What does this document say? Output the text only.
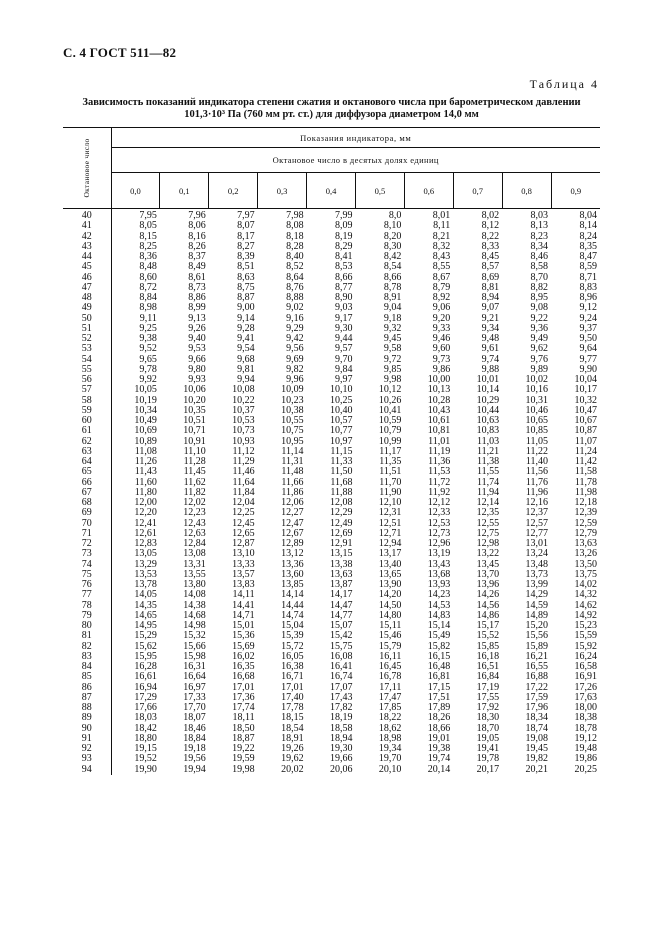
С. 4 ГОСТ 511—82
Таблица 4
Зависимость показаний индикатора степени сжатия и октанового числа при барометрическом давлении
101,3·10³ Па (760 мм рт. ст.) для диффузора диаметром 14,0 мм
Октановое число	Показания индикатора, мм									
	Октановое число в десятых долях единиц									
	0,0	0,1	0,2	0,3	0,4	0,5	0,6	0,7	0,8	0,9
40	7,95	7,96	7,97	7,98	7,99	8,0	8,01	8,02	8,03	8,04
41	8,05	8,06	8,07	8,08	8,09	8,10	8,11	8,12	8,13	8,14
42	8,15	8,16	8,17	8,18	8,19	8,20	8,21	8,22	8,23	8,24
43	8,25	8,26	8,27	8,28	8,29	8,30	8,32	8,33	8,34	8,35
44	8,36	8,37	8,39	8,40	8,41	8,42	8,43	8,45	8,46	8,47
45	8,48	8,49	8,51	8,52	8,53	8,54	8,55	8,57	8,58	8,59
46	8,60	8,61	8,63	8,64	8,66	8,66	8,67	8,69	8,70	8,71
47	8,72	8,73	8,75	8,76	8,77	8,78	8,79	8,81	8,82	8,83
48	8,84	8,86	8,87	8,88	8,90	8,91	8,92	8,94	8,95	8,96
49	8,98	8,99	9,00	9,02	9,03	9,04	9,06	9,07	9,08	9,12
50	9,11	9,13	9,14	9,16	9,17	9,18	9,20	9,21	9,22	9,24
51	9,25	9,26	9,28	9,29	9,30	9,32	9,33	9,34	9,36	9,37
52	9,38	9,40	9,41	9,42	9,44	9,45	9,46	9,48	9,49	9,50
53	9,52	9,53	9,54	9,56	9,57	9,58	9,60	9,61	9,62	9,64
54	9,65	9,66	9,68	9,69	9,70	9,72	9,73	9,74	9,76	9,77
55	9,78	9,80	9,81	9,82	9,84	9,85	9,86	9,88	9,89	9,90
56	9,92	9,93	9,94	9,96	9,97	9,98	10,00	10,01	10,02	10,04
57	10,05	10,06	10,08	10,09	10,10	10,12	10,13	10,14	10,16	10,17
58	10,19	10,20	10,22	10,23	10,25	10,26	10,28	10,29	10,31	10,32
59	10,34	10,35	10,37	10,38	10,40	10,41	10,43	10,44	10,46	10,47
60	10,49	10,51	10,53	10,55	10,57	10,59	10,61	10,63	10,65	10,67
61	10,69	10,71	10,73	10,75	10,77	10,79	10,81	10,83	10,85	10,87
62	10,89	10,91	10,93	10,95	10,97	10,99	11,01	11,03	11,05	11,07
63	11,08	11,10	11,12	11,14	11,15	11,17	11,19	11,21	11,22	11,24
64	11,26	11,28	11,29	11,31	11,33	11,35	11,36	11,38	11,40	11,42
65	11,43	11,45	11,46	11,48	11,50	11,51	11,53	11,55	11,56	11,58
66	11,60	11,62	11,64	11,66	11,68	11,70	11,72	11,74	11,76	11,78
67	11,80	11,82	11,84	11,86	11,88	11,90	11,92	11,94	11,96	11,98
68	12,00	12,02	12,04	12,06	12,08	12,10	12,12	12,14	12,16	12,18
69	12,20	12,23	12,25	12,27	12,29	12,31	12,33	12,35	12,37	12,39
70	12,41	12,43	12,45	12,47	12,49	12,51	12,53	12,55	12,57	12,59
71	12,61	12,63	12,65	12,67	12,69	12,71	12,73	12,75	12,77	12,79
72	12,83	12,84	12,87	12,89	12,91	12,94	12,96	12,98	13,01	13,63
73	13,05	13,08	13,10	13,12	13,15	13,17	13,19	13,22	13,24	13,26
74	13,29	13,31	13,33	13,36	13,38	13,40	13,43	13,45	13,48	13,50
75	13,53	13,55	13,57	13,60	13,63	13,65	13,68	13,70	13,73	13,75
76	13,78	13,80	13,83	13,85	13,87	13,90	13,93	13,96	13,99	14,02
77	14,05	14,08	14,11	14,14	14,17	14,20	14,23	14,26	14,29	14,32
78	14,35	14,38	14,41	14,44	14,47	14,50	14,53	14,56	14,59	14,62
79	14,65	14,68	14,71	14,74	14,77	14,80	14,83	14,86	14,89	14,92
80	14,95	14,98	15,01	15,04	15,07	15,11	15,14	15,17	15,20	15,23
81	15,29	15,32	15,36	15,39	15,42	15,46	15,49	15,52	15,56	15,59
82	15,62	15,66	15,69	15,72	15,75	15,79	15,82	15,85	15,89	15,92
83	15,95	15,98	16,02	16,05	16,08	16,11	16,15	16,18	16,21	16,24
84	16,28	16,31	16,35	16,38	16,41	16,45	16,48	16,51	16,55	16,58
85	16,61	16,64	16,68	16,71	16,74	16,78	16,81	16,84	16,88	16,91
86	16,94	16,97	17,01	17,01	17,07	17,11	17,15	17,19	17,22	17,26
87	17,29	17,33	17,36	17,40	17,43	17,47	17,51	17,55	17,59	17,63
88	17,66	17,70	17,74	17,78	17,82	17,85	17,89	17,92	17,96	18,00
89	18,03	18,07	18,11	18,15	18,19	18,22	18,26	18,30	18,34	18,38
90	18,42	18,46	18,50	18,54	18,58	18,62	18,66	18,70	18,74	18,78
91	18,80	18,84	18,87	18,91	18,94	18,98	19,01	19,05	19,08	19,12
92	19,15	19,18	19,22	19,26	19,30	19,34	19,38	19,41	19,45	19,48
93	19,52	19,56	19,59	19,62	19,66	19,70	19,74	19,78	19,82	19,86
94	19,90	19,94	19,98	20,02	20,06	20,10	20,14	20,17	20,21	20,25
